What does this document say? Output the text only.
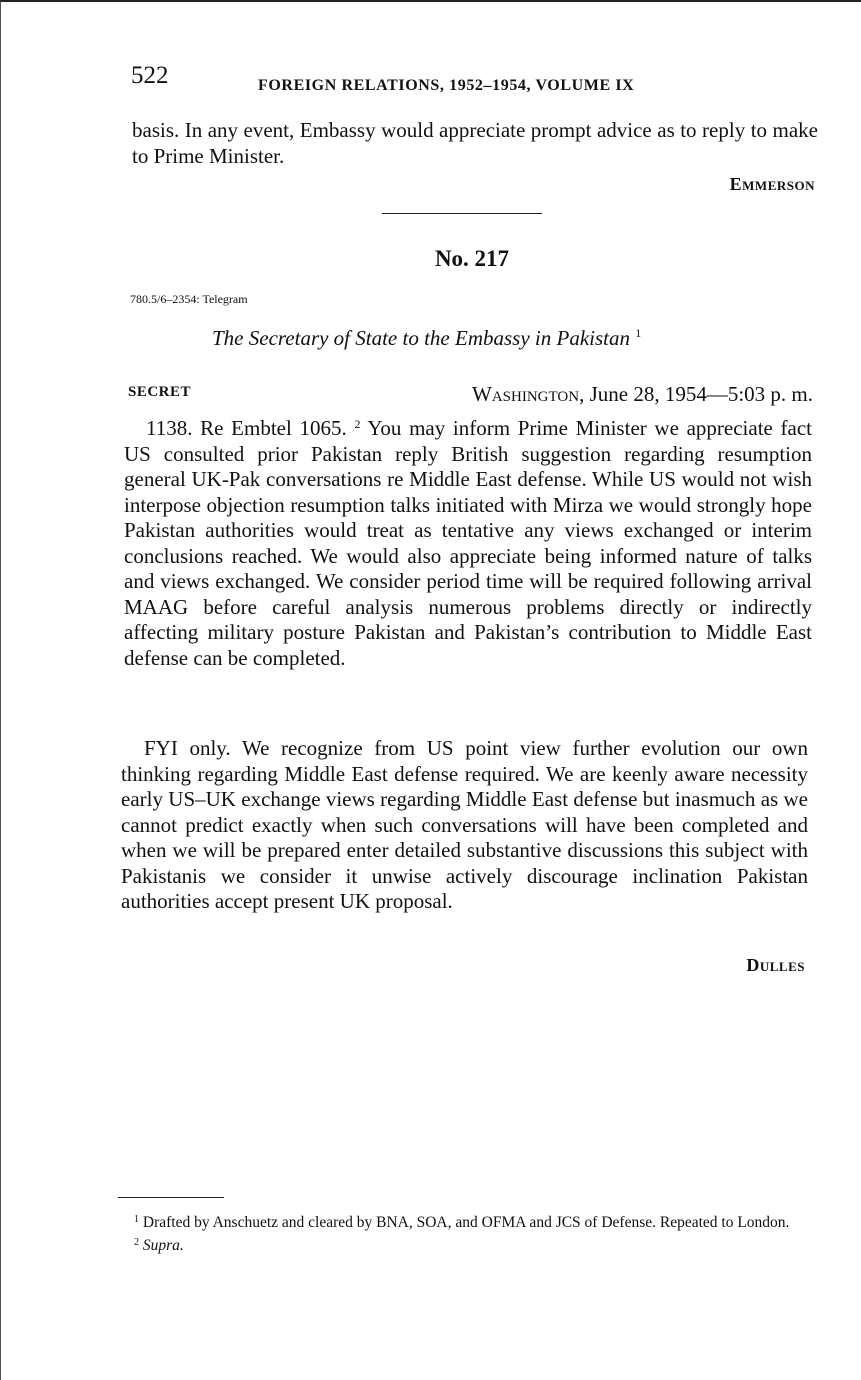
522	FOREIGN RELATIONS, 1952–1954, VOLUME IX
basis. In any event, Embassy would appreciate prompt advice as to reply to make to Prime Minister.
Emmerson
No. 217
780.5/6–2354: Telegram
The Secretary of State to the Embassy in Pakistan $^1$
SECRET	Washington, June 28, 1954—5:03 p. m.
1138. Re Embtel 1065. $^2$ You may inform Prime Minister we appreciate fact US consulted prior Pakistan reply British suggestion regarding resumption general UK-Pak conversations re Middle East defense. While US would not wish interpose objection resumption talks initiated with Mirza we would strongly hope Pakistan authorities would treat as tentative any views exchanged or interim conclusions reached. We would also appreciate being informed nature of talks and views exchanged. We consider period time will be required following arrival MAAG before careful analysis numerous problems directly or indirectly affecting military posture Pakistan and Pakistan’s contribution to Middle East defense can be completed.
FYI only. We recognize from US point view further evolution our own thinking regarding Middle East defense required. We are keenly aware necessity early US–UK exchange views regarding Middle East defense but inasmuch as we cannot predict exactly when such conversations will have been completed and when we will be prepared enter detailed substantive discussions this subject with Pakistanis we consider it unwise actively discourage inclination Pakistan authorities accept present UK proposal.
Dulles

$^1$ Drafted by Anschuetz and cleared by BNA, SOA, and OFMA and JCS of Defense. Repeated to London.

$^2$ Supra.
